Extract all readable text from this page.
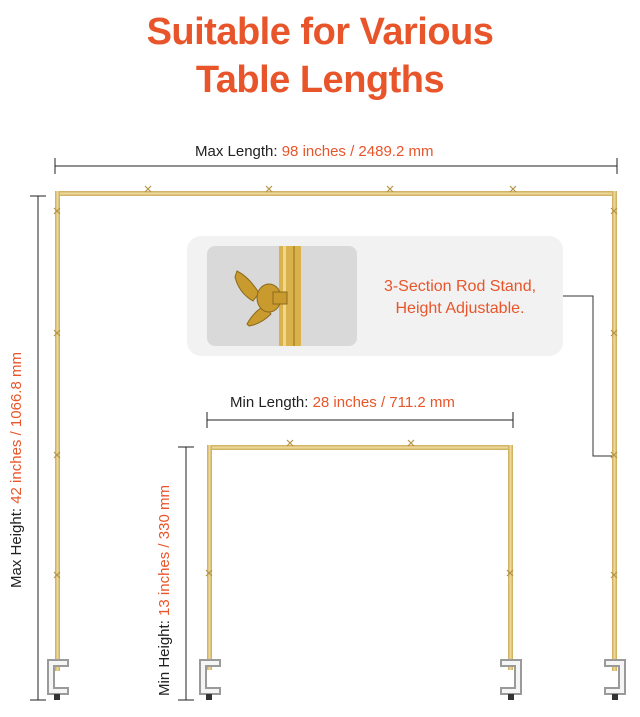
Suitable for Various
Table Lengths
3-Section Rod Stand,
Height Adjustable.
Max Length: 98 inches / 2489.2 mm
Min Length: 28 inches / 711.2 mm
Max Height: 42 inches / 1066.8 mm
Min Height: 13 inches / 330 mm
